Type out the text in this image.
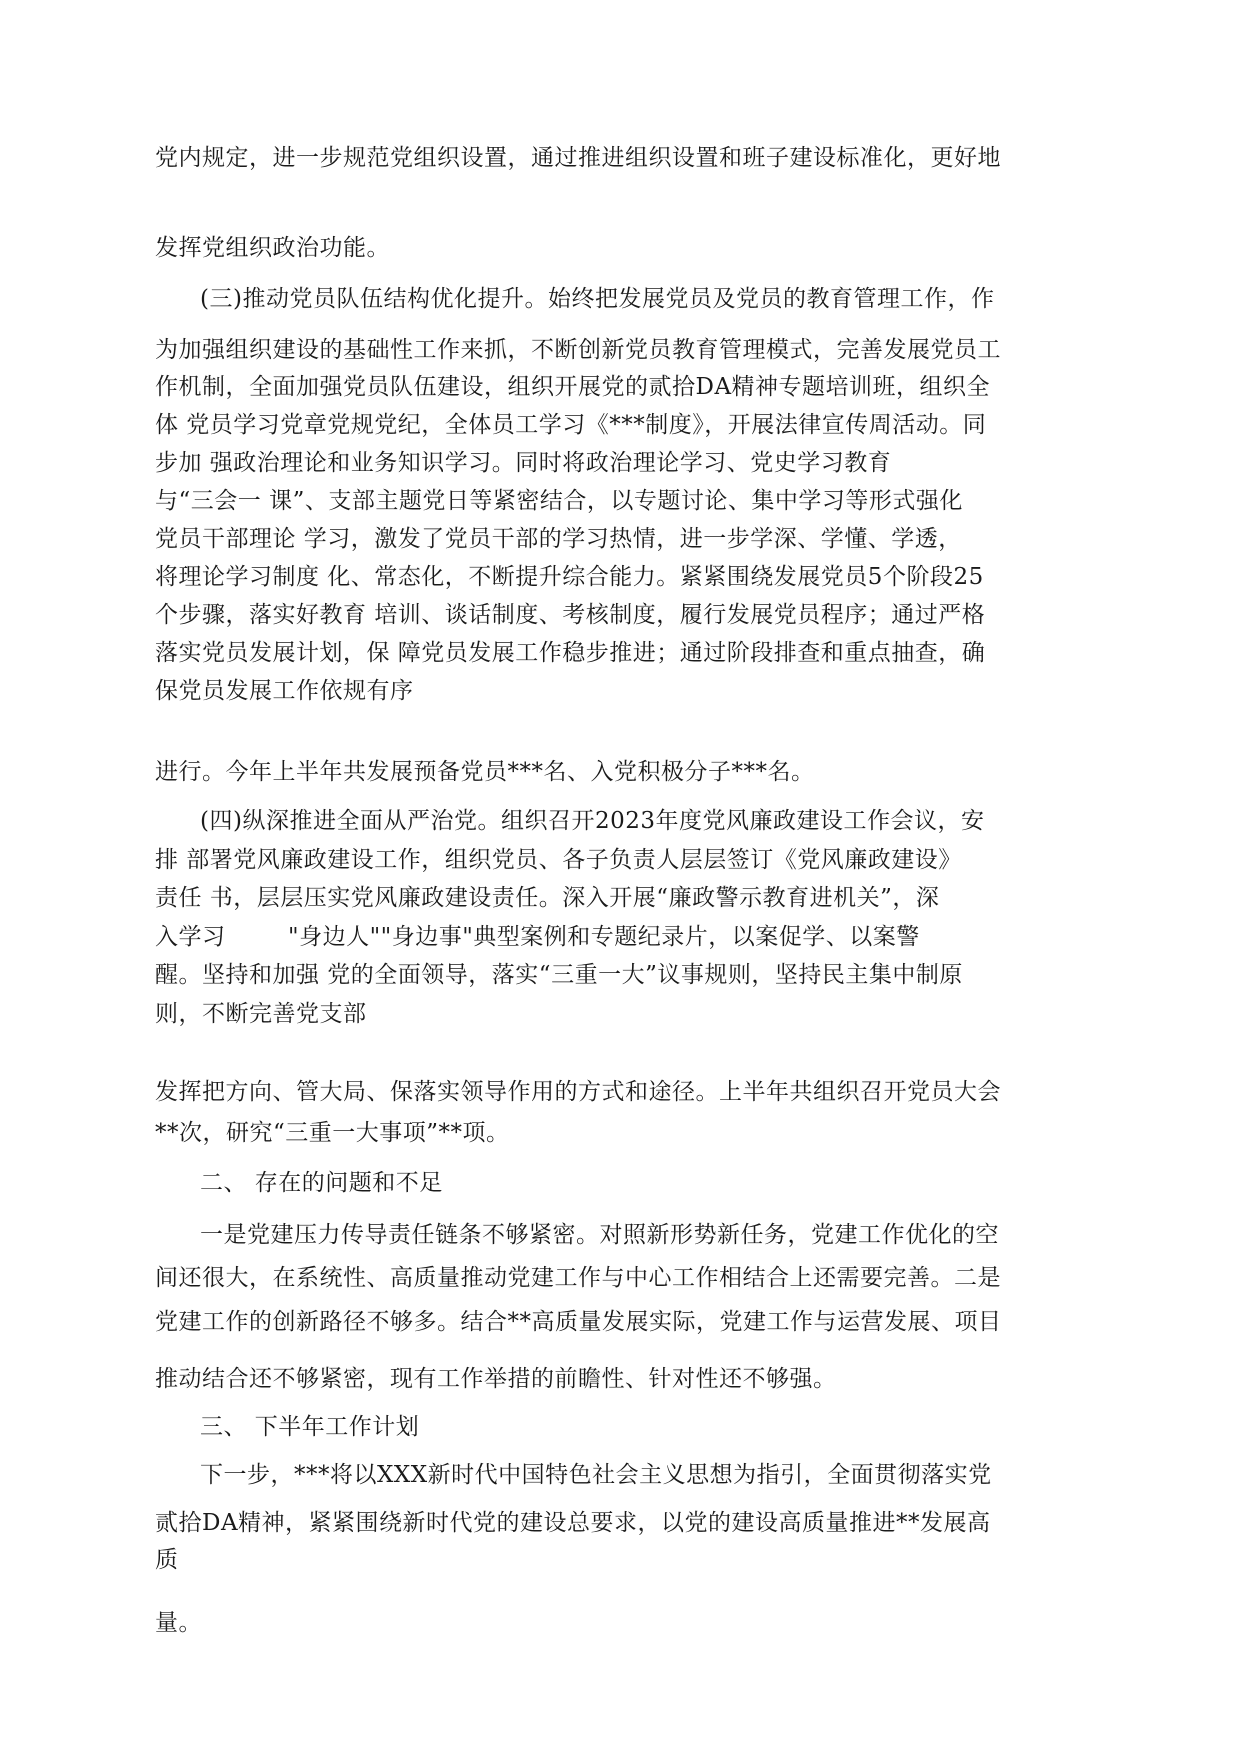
党内规定，进一步规范党组织设置，通过推进组织设置和班子建设标准化，更好地
发挥党组织政治功能。
(三)推动党员队伍结构优化提升。始终把发展党员及党员的教育管理工作，作
为加强组织建设的基础性工作来抓，不断创新党员教育管理模式，完善发展党员工
作机制，全面加强党员队伍建设，组织开展党的贰拾DA精神专题培训班，组织全
体 党员学习党章党规党纪，全体员工学习《***制度》，开展法律宣传周活动。同
步加 强政治理论和业务知识学习。同时将政治理论学习、党史学习教育
与“三会一 课”、支部主题党日等紧密结合，以专题讨论、集中学习等形式强化
党员干部理论 学习，激发了党员干部的学习热情，进一步学深、学懂、学透，
将理论学习制度 化、常态化，不断提升综合能力。紧紧围绕发展党员5个阶段25
个步骤，落实好教育 培训、谈话制度、考核制度，履行发展党员程序；通过严格
落实党员发展计划，保 障党员发展工作稳步推进；通过阶段排查和重点抽查，确
保党员发展工作依规有序
进行。今年上半年共发展预备党员***名、入党积极分子***名。
(四)纵深推进全面从严治党。组织召开2023年度党风廉政建设工作会议，安
排 部署党风廉政建设工作，组织党员、各子负责人层层签订《党风廉政建设》
责任 书，层层压实党风廉政建设责任。深入开展“廉政警示教育进机关”，深
入学习        "身边人""身边事"典型案例和专题纪录片，以案促学、以案警
醒。坚持和加强 党的全面领导，落实“三重一大”议事规则，坚持民主集中制原
则，不断完善党支部
发挥把方向、管大局、保落实领导作用的方式和途径。上半年共组织召开党员大会
**次，研究“三重一大事项”**项。
二、 存在的问题和不足
一是党建压力传导责任链条不够紧密。对照新形势新任务，党建工作优化的空
间还很大，在系统性、高质量推动党建工作与中心工作相结合上还需要完善。二是
党建工作的创新路径不够多。结合**高质量发展实际，党建工作与运营发展、项目
推动结合还不够紧密，现有工作举措的前瞻性、针对性还不够强。
三、 下半年工作计划
下一步，***将以XXX新时代中国特色社会主义思想为指引，全面贯彻落实党
贰拾DA精神，紧紧围绕新时代党的建设总要求，以党的建设高质量推进**发展高
质
量。
